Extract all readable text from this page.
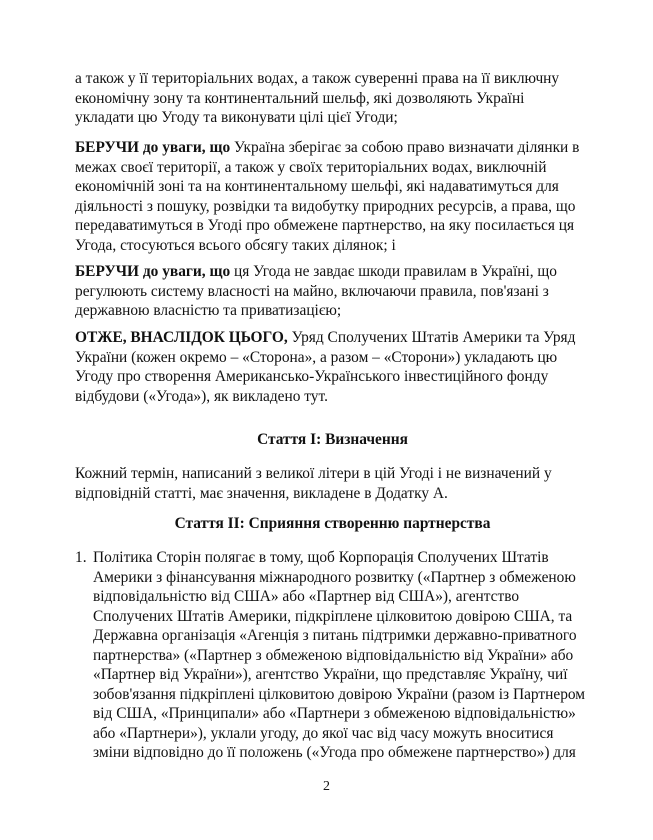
а також у її територіальних водах, а також суверенні права на її виключну економічну зону та континентальний шельф, які дозволяють Україні укладати цю Угоду та виконувати цілі цієї Угоди;

БЕРУЧИ до уваги, що Україна зберігає за собою право визначати ділянки в межах своєї території, а також у своїх територіальних водах, виключній економічній зоні та на континентальному шельфі, які надаватимуться для діяльності з пошуку, розвідки та видобутку природних ресурсів, а права, що передаватимуться в Угоді про обмежене партнерство, на яку посилається ця Угода, стосуються всього обсягу таких ділянок; і

БЕРУЧИ до уваги, що ця Угода не завдає шкоди правилам в Україні, що регулюють систему власності на майно, включаючи правила, пов'язані з державною власністю та приватизацією;

ОТЖЕ, ВНАСЛІДОК ЦЬОГО, Уряд Сполучених Штатів Америки та Уряд України (кожен окремо – «Сторона», а разом – «Сторони») укладають цю Угоду про створення Американсько-Українського інвестиційного фонду відбудови («Угода»), як викладено тут.

Стаття I: Визначення

Кожний термін, написаний з великої літери в цій Угоді і не визначений у відповідній статті, має значення, викладене в Додатку А.

Стаття II: Сприяння створенню партнерства

1. Політика Сторін полягає в тому, щоб Корпорація Сполучених Штатів Америки з фінансування міжнародного розвитку («Партнер з обмеженою відповідальністю від США» або «Партнер від США»), агентство Сполучених Штатів Америки, підкріплене цілковитою довірою США, та Державна організація «Агенція з питань підтримки державно-приватного партнерства» («Партнер з обмеженою відповідальністю від України» або «Партнер від України»), агентство України, що представляє Україну, чиї зобов'язання підкріплені цілковитою довірою України (разом із Партнером від США, «Принципали» або «Партнери з обмеженою відповідальністю» або «Партнери»), уклали угоду, до якої час від часу можуть вноситися зміни відповідно до її положень («Угода про обмежене партнерство») для

2
